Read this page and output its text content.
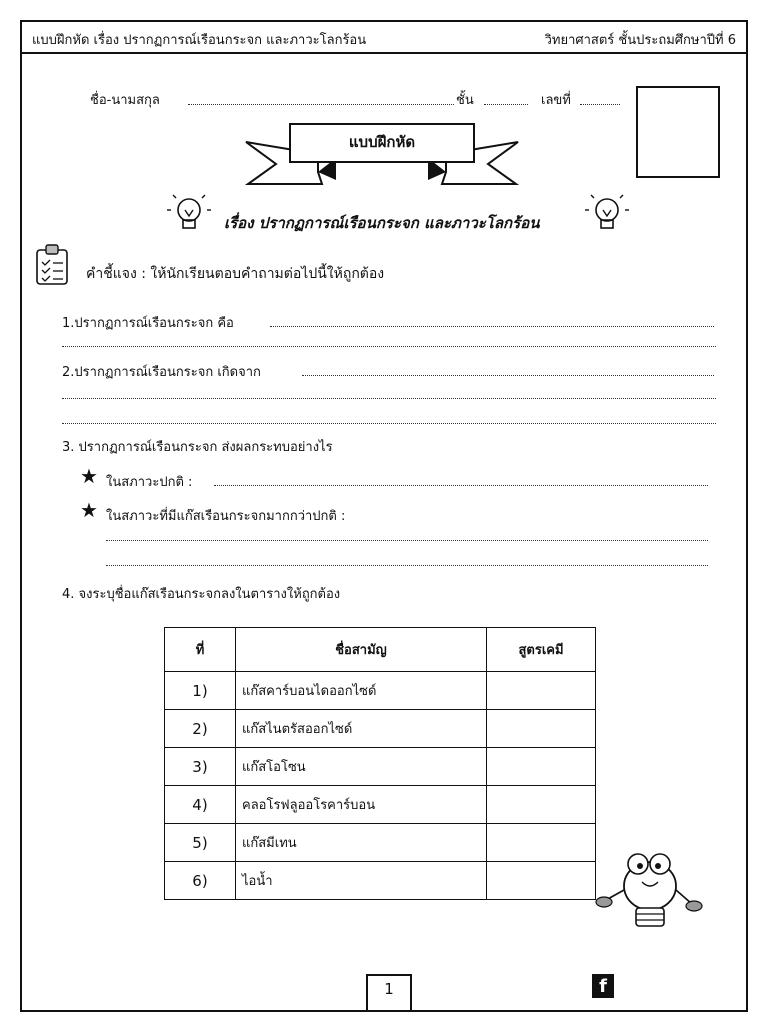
แบบฝึกหัด เรื่อง ปรากฏการณ์เรือนกระจก และภาวะโลกร้อน	วิทยาศาสตร์ ชั้นประถมศึกษาปีที่ 6
ชื่อ-นามสกุล	ชั้น	เลขที่
แบบฝึกหัด
เรื่อง ปรากฏการณ์เรือนกระจก และภาวะโลกร้อน
คำชี้แจง : ให้นักเรียนตอบคำถามต่อไปนี้ให้ถูกต้อง
1.ปรากฏการณ์เรือนกระจก คือ
2.ปรากฏการณ์เรือนกระจก เกิดจาก
3. ปรากฏการณ์เรือนกระจก ส่งผลกระทบอย่างไร
★ ในสภาวะปกติ :
★ ในสภาวะที่มีแก๊สเรือนกระจกมากกว่าปกติ :
4. จงระบุชื่อแก๊สเรือนกระจกลงในตารางให้ถูกต้อง
ที่	ชื่อสามัญ	สูตรเคมี
1)	แก๊สคาร์บอนไดออกไซด์	
2)	แก๊สไนตรัสออกไซด์	
3)	แก๊สโอโซน	
4)	คลอโรฟลูออโรคาร์บอน	
5)	แก๊สมีเทน	
6)	ไอน้ำ	
1	f
